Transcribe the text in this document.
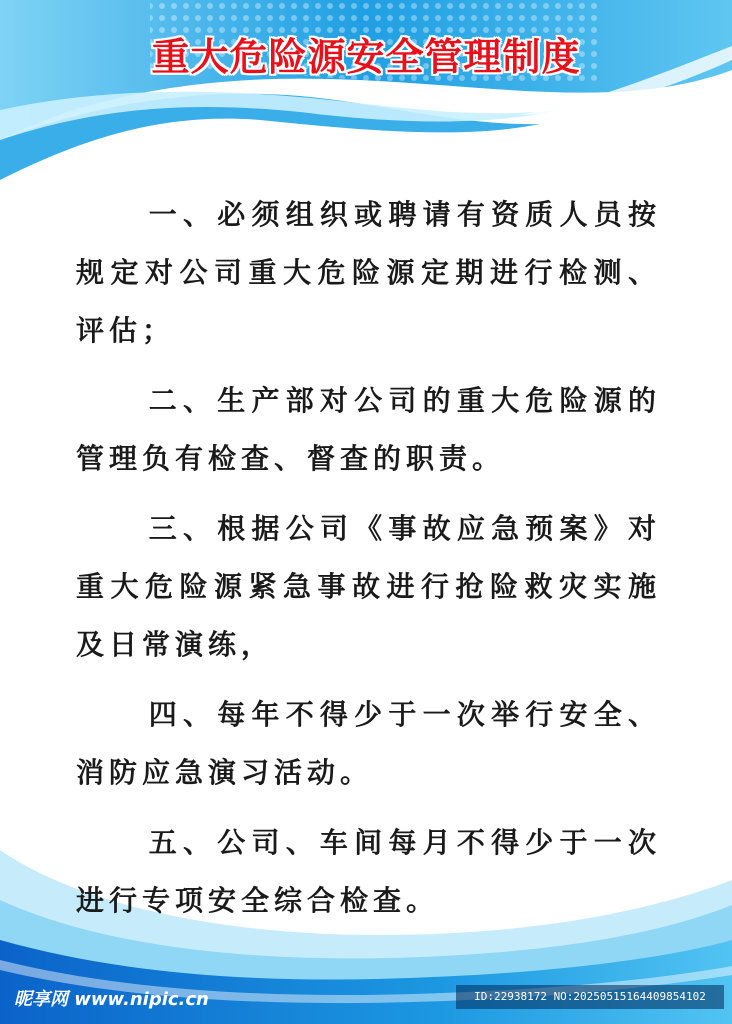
重大危险源安全管理制度

一、必须组织或聘请有资质人员按规定对公司重大危险源定期进行检测、评估；

二、生产部对公司的重大危险源的管理负有检查、督查的职责。

三、根据公司《事故应急预案》对重大危险源紧急事故进行抢险救灾实施及日常演练，

四、每年不得少于一次举行安全、消防应急演习活动。

五、公司、车间每月不得少于一次进行专项安全综合检查。

昵享网 www.nipic.cn	ID:22938172 NO:20250515164409854102
